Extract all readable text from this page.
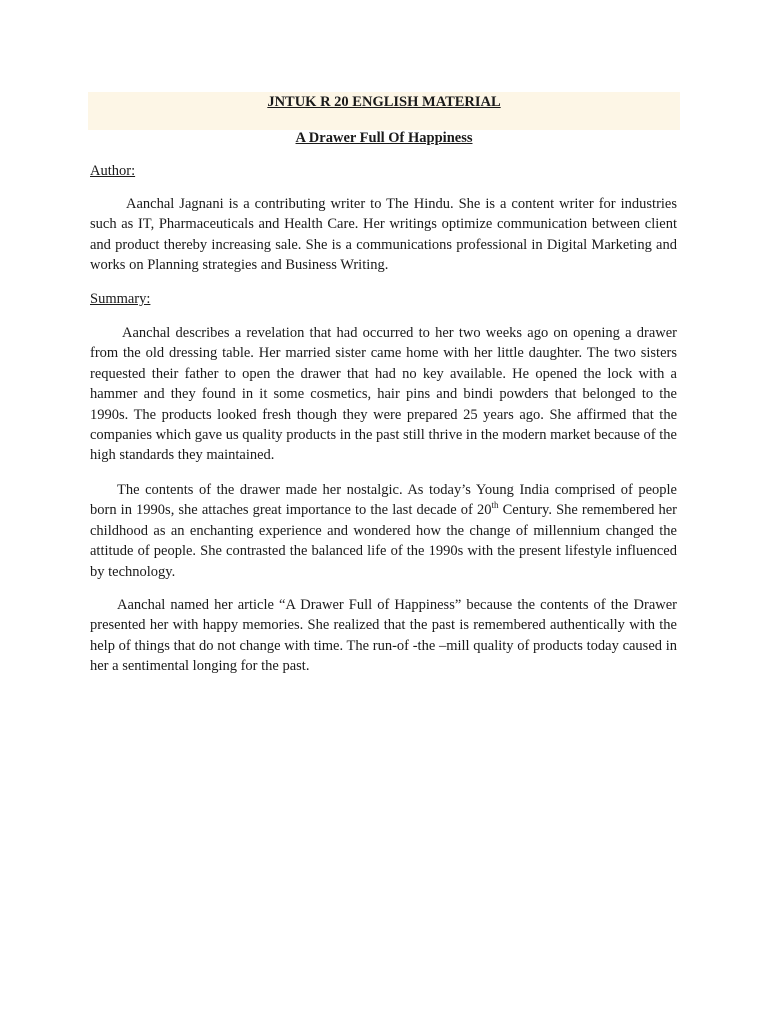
JNTUK R 20 ENGLISH MATERIAL
A Drawer Full Of Happiness
Author:

Aanchal Jagnani is a contributing writer to The Hindu. She is a content writer for industries such as IT, Pharmaceuticals and Health Care. Her writings optimize communication between client and product thereby increasing sale. She is a communications professional in Digital Marketing and works on Planning strategies and Business Writing.

Summary:

Aanchal describes a revelation that had occurred to her two weeks ago on opening a drawer from the old dressing table. Her married sister came home with her little daughter. The two sisters requested their father to open the drawer that had no key available. He opened the lock with a hammer and they found in it some cosmetics, hair pins and bindi powders that belonged to the 1990s. The products looked fresh though they were prepared 25 years ago. She affirmed that the companies which gave us quality products in the past still thrive in the modern market because of the high standards they maintained.

The contents of the drawer made her nostalgic. As today’s Young India comprised of people born in 1990s, she attaches great importance to the last decade of 20th Century. She remembered her childhood as an enchanting experience and wondered how the change of millennium changed the attitude of people. She contrasted the balanced life of the 1990s with the present lifestyle influenced by technology.

Aanchal named her article “A Drawer Full of Happiness” because the contents of the Drawer presented her with happy memories. She realized that the past is remembered authentically with the help of things that do not change with time. The run-of -the –mill quality of products today caused in her a sentimental longing for the past.
